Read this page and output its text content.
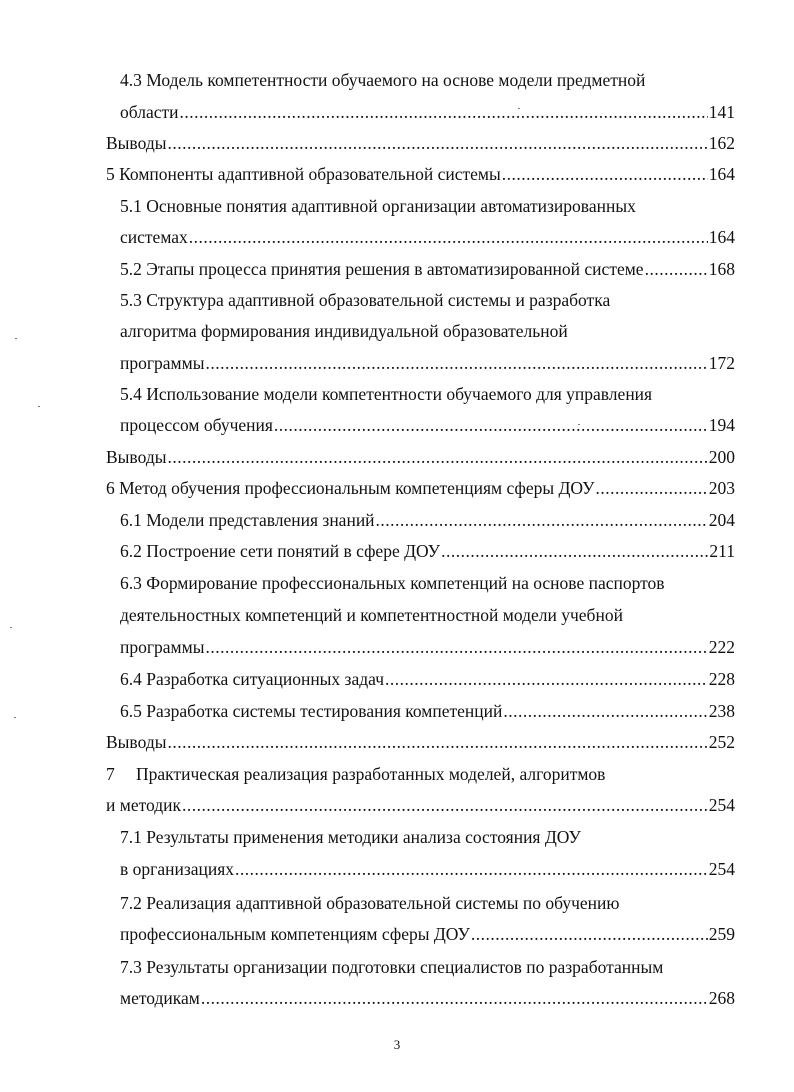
4.3 Модель компетентности обучаемого на основе модели предметной
области .....	141
Выводы .....	162
5 Компоненты адаптивной образовательной системы .....	164
5.1 Основные понятия адаптивной организации автоматизированных
системах .....	164
5.2 Этапы процесса принятия решения в автоматизированной системе .....	168
5.3 Структура адаптивной образовательной системы и разработка
алгоритма формирования индивидуальной образовательной
программы .....	172
5.4 Использование модели компетентности обучаемого для управления
процессом обучения .....	194
Выводы .....	200
6 Метод обучения профессиональным компетенциям сферы ДОУ .....	203
6.1 Модели представления знаний .....	204
6.2 Построение сети понятий в сфере ДОУ .....	211
6.3 Формирование профессиональных компетенций на основе паспортов
деятельностных компетенций и компетентностной модели учебной
программы .....	222
6.4 Разработка ситуационных задач .....	228
6.5 Разработка системы тестирования компетенций .....	238
Выводы .....	252
7	Практическая реализация разработанных моделей, алгоритмов
и методик .....	254
7.1 Результаты применения методики анализа состояния ДОУ
в организациях .....	254
7.2 Реализация адаптивной образовательной системы по обучению
профессиональным компетенциям сферы ДОУ .....	259
7.3 Результаты организации подготовки специалистов по разработанным
методикам .....	268
3
